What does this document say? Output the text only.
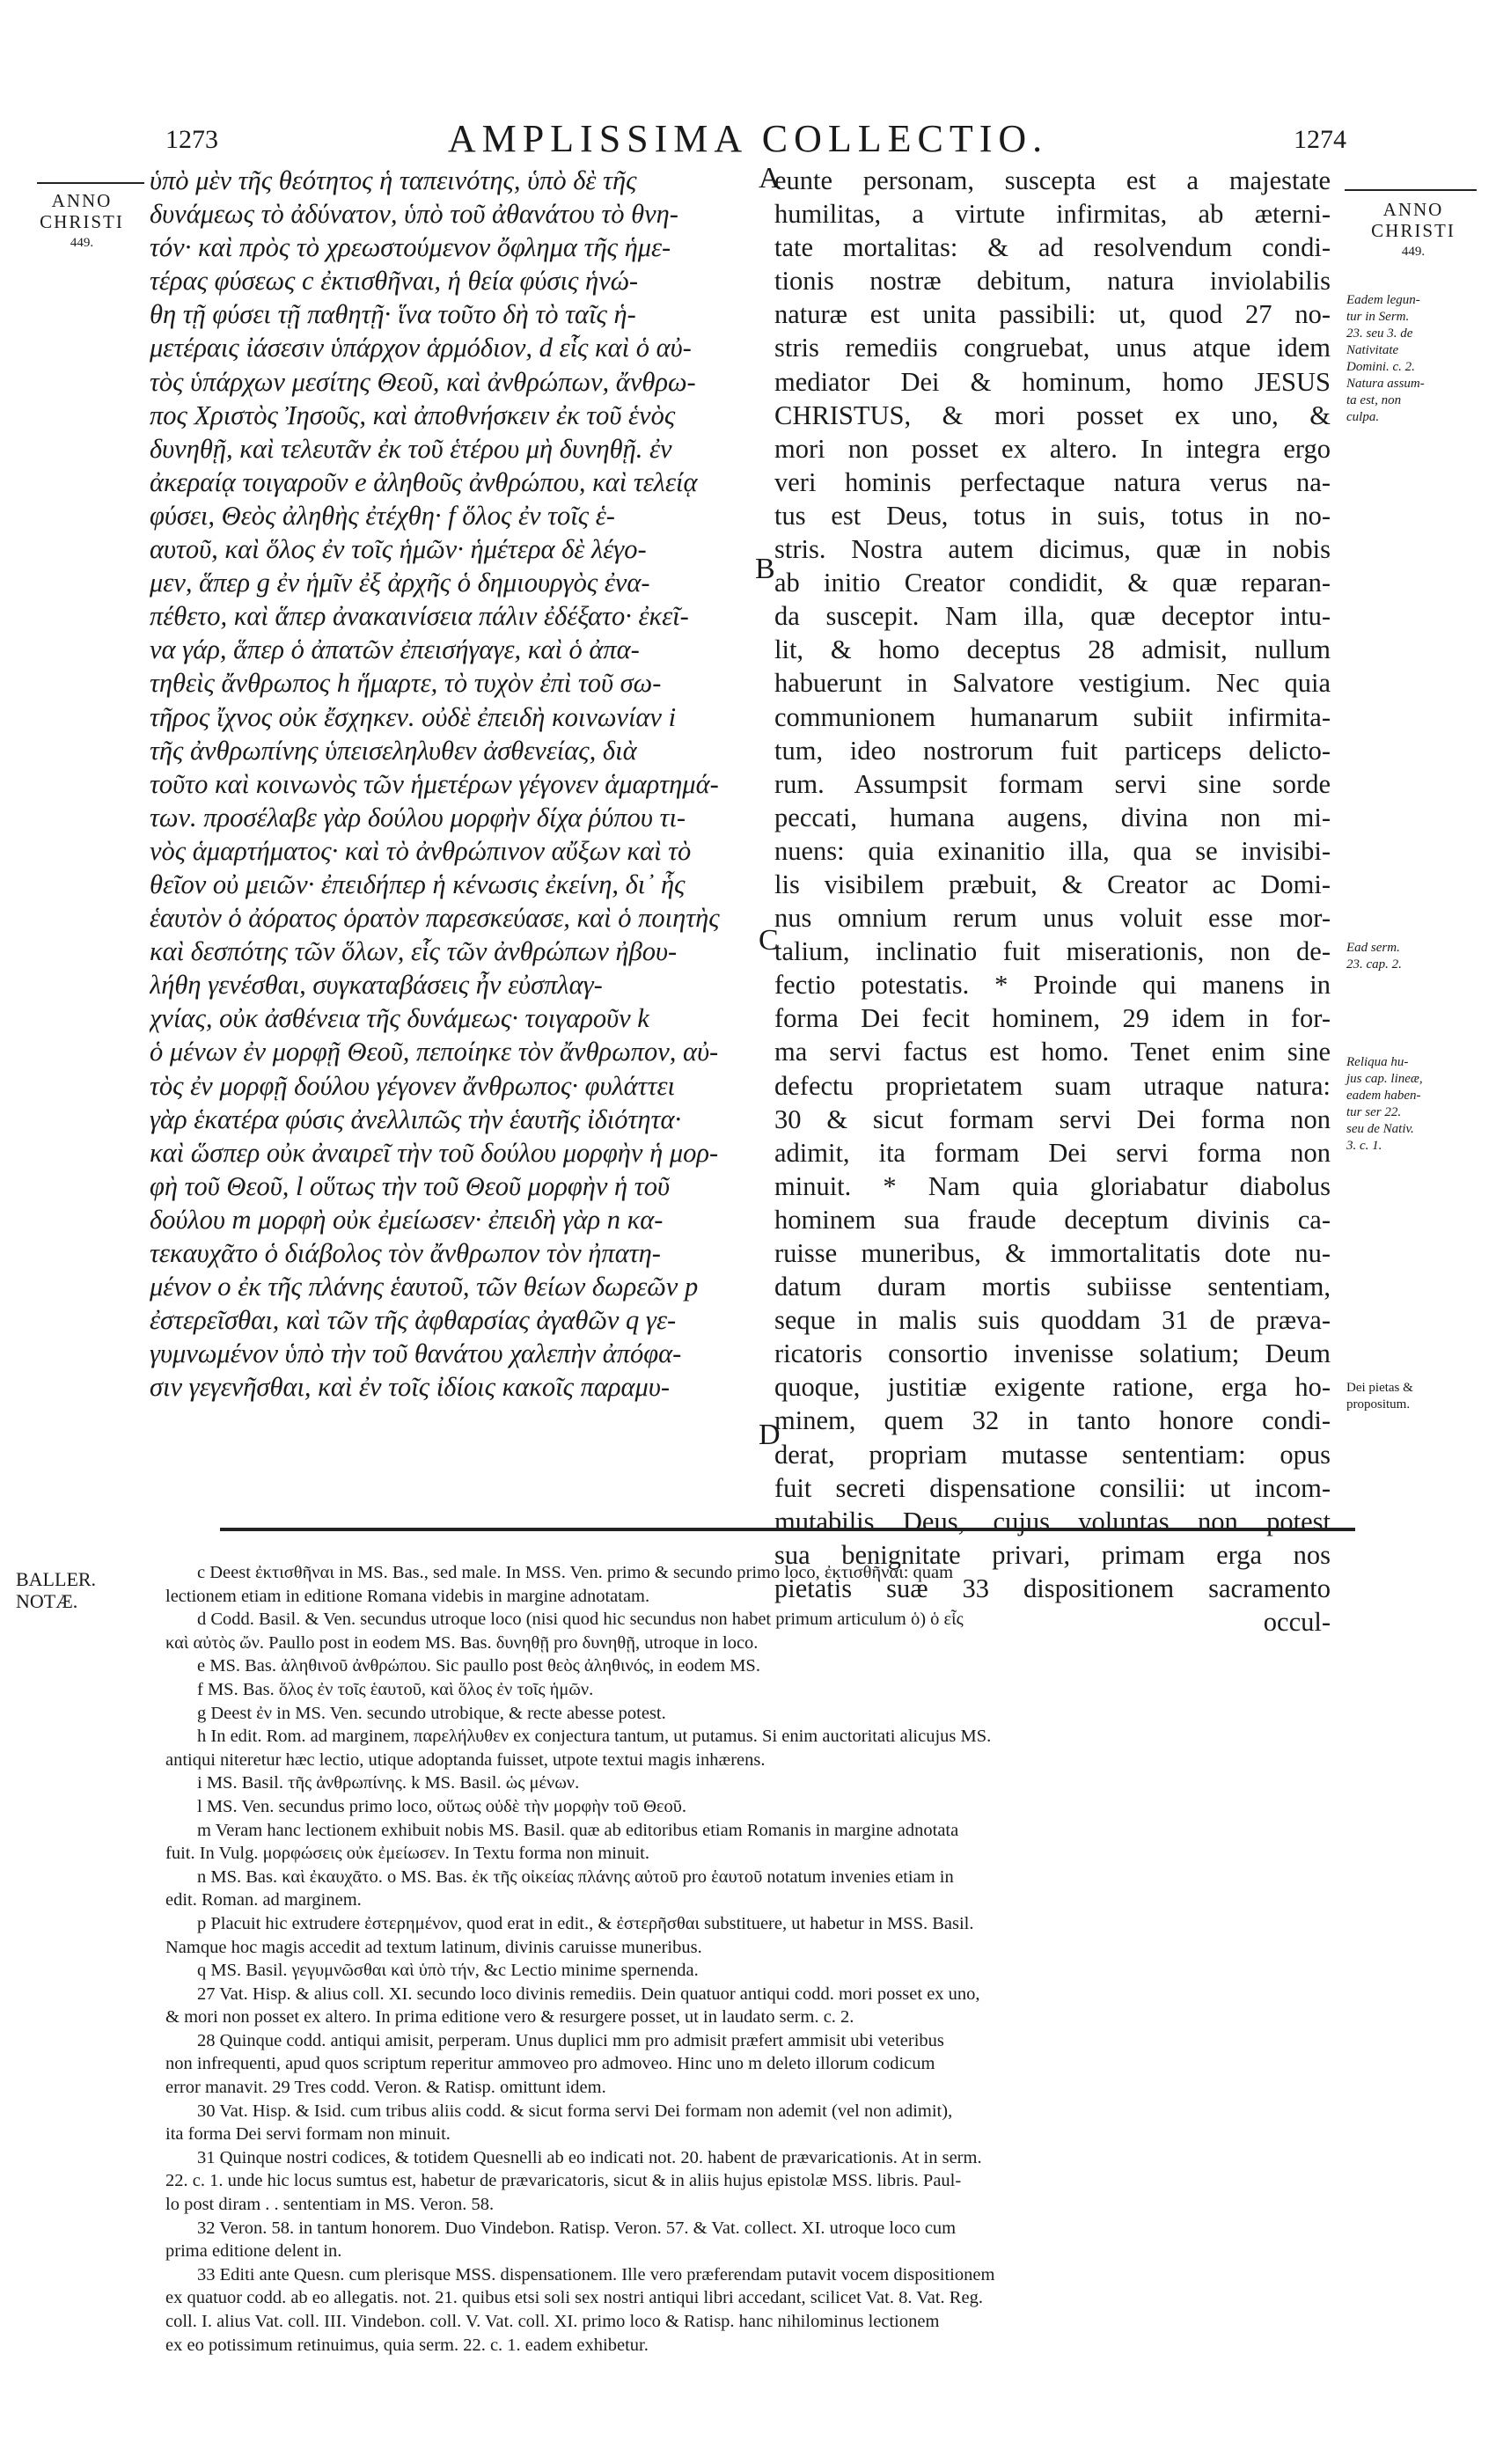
1273	AMPLISSIMA COLLECTIO.	1274
ANNO
CHRISTI
449.
ANNO
CHRISTI
449.
Eadem legun-
tur in Serm.
23. seu 3. de
Nativitate
Domini. c. 2.
Natura assum-
ta est, non
culpa.
Ead serm.
23. cap. 2.
Reliqua hu-
jus cap. lineæ,
eadem haben-
tur ser 22.
seu de Nativ.
3. c. 1.
Dei pietas &
propositum.
A
B
C
D
ὑπὸ μὲν τῆς θεότητος ἡ ταπεινότης, ὑπὸ δὲ τῆς
δυνάμεως τὸ ἀδύνατον, ὑπὸ τοῦ ἀθανάτου τὸ θνη-
τόν· καὶ πρὸς τὸ χρεωστούμενον ὄφλημα τῆς ἡμε-
τέρας φύσεως c ἐκτισθῆναι, ἡ θεία φύσις ἡνώ-
θη τῇ φύσει τῇ παθητῇ· ἵνα τοῦτο δὴ τὸ ταῖς ἡ-
μετέραις ἰάσεσιν ὑπάρχον ἁρμόδιον, d εἷς καὶ ὁ αὐ-
τὸς ὑπάρχων μεσίτης Θεοῦ, καὶ ἀνθρώπων, ἄνθρω-
πος Χριστὸς Ἰησοῦς, καὶ ἀποθνήσκειν ἐκ τοῦ ἑνὸς
δυνηθῇ, καὶ τελευτᾶν ἐκ τοῦ ἑτέρου μὴ δυνηθῇ. ἐν
ἀκεραίᾳ τοιγαροῦν e ἀληθοῦς ἀνθρώπου, καὶ τελείᾳ
φύσει, Θεὸς ἀληθὴς ἐτέχθη· f ὅλος ἐν τοῖς ἑ-
αυτοῦ, καὶ ὅλος ἐν τοῖς ἡμῶν· ἡμέτερα δὲ λέγο-
μεν, ἅπερ g ἐν ἡμῖν ἐξ ἀρχῆς ὁ δημιουργὸς ἐνα-
πέθετο, καὶ ἅπερ ἀνακαινίσεια πάλιν ἐδέξατο· ἐκεῖ-
να γάρ, ἅπερ ὁ ἀπατῶν ἐπεισήγαγε, καὶ ὁ ἀπα-
τηθεὶς ἄνθρωπος h ἥμαρτε, τὸ τυχὸν ἐπὶ τοῦ σω-
τῆρος ἴχνος οὐκ ἔσχηκεν. οὐδὲ ἐπειδὴ κοινωνίαν i
τῆς ἀνθρωπίνης ὑπεισεληλυθεν ἀσθενείας, διὰ
τοῦτο καὶ κοινωνὸς τῶν ἡμετέρων γέγονεν ἁμαρτημά-
των. προσέλαβε γὰρ δούλου μορφὴν δίχα ῥύπου τι-
νὸς ἁμαρτήματος· καὶ τὸ ἀνθρώπινον αὔξων καὶ τὸ
θεῖον οὐ μειῶν· ἐπειδήπερ ἡ κένωσις ἐκείνη, δι᾽ ἧς
ἑαυτὸν ὁ ἀόρατος ὁρατὸν παρεσκεύασε, καὶ ὁ ποιητὴς
καὶ δεσπότης τῶν ὅλων, εἷς τῶν ἀνθρώπων ἠβου-
λήθη γενέσθαι, συγκαταβάσεις ἦν εὐσπλαγ-
χνίας, οὐκ ἀσθένεια τῆς δυνάμεως· τοιγαροῦν k
ὁ μένων ἐν μορφῇ Θεοῦ, πεποίηκε τὸν ἄνθρωπον, αὐ-
τὸς ἐν μορφῇ δούλου γέγονεν ἄνθρωπος· φυλάττει
γὰρ ἑκατέρα φύσις ἀνελλιπῶς τὴν ἑαυτῆς ἰδιότητα·
καὶ ὥσπερ οὐκ ἀναιρεῖ τὴν τοῦ δούλου μορφὴν ἡ μορ-
φὴ τοῦ Θεοῦ, l οὕτως τὴν τοῦ Θεοῦ μορφὴν ἡ τοῦ
δούλου m μορφὴ οὐκ ἐμείωσεν· ἐπειδὴ γὰρ n κα-
τεκαυχᾶτο ὁ διάβολος τὸν ἄνθρωπον τὸν ἠπατη-
μένον o ἐκ τῆς πλάνης ἑαυτοῦ, τῶν θείων δωρεῶν p
ἐστερεῖσθαι, καὶ τῶν τῆς ἀφθαρσίας ἀγαθῶν q γε-
γυμνωμένον ὑπὸ τὴν τοῦ θανάτου χαλεπὴν ἀπόφα-
σιν γεγενῆσθαι, καὶ ἐν τοῖς ἰδίοις κακοῖς παραμυ-
eunte personam, suscepta est a majestate
humilitas, a virtute infirmitas, ab æterni-
tate mortalitas: & ad resolvendum condi-
tionis nostræ debitum, natura inviolabilis
naturæ est unita passibili: ut, quod 27 no-
stris remediis congruebat, unus atque idem
mediator Dei & hominum, homo JESUS
CHRISTUS, & mori posset ex uno, &
mori non posset ex altero. In integra ergo
veri hominis perfectaque natura verus na-
tus est Deus, totus in suis, totus in no-
stris. Nostra autem dicimus, quæ in nobis
ab initio Creator condidit, & quæ reparan-
da suscepit. Nam illa, quæ deceptor intu-
lit, & homo deceptus 28 admisit, nullum
habuerunt in Salvatore vestigium. Nec quia
communionem humanarum subiit infirmita-
tum, ideo nostrorum fuit particeps delicto-
rum. Assumpsit formam servi sine sorde
peccati, humana augens, divina non mi-
nuens: quia exinanitio illa, qua se invisibi-
lis visibilem præbuit, & Creator ac Domi-
nus omnium rerum unus voluit esse mor-
talium, inclinatio fuit miserationis, non de-
fectio potestatis. * Proinde qui manens in
forma Dei fecit hominem, 29 idem in for-
ma servi factus est homo. Tenet enim sine
defectu proprietatem suam utraque natura:
30 & sicut formam servi Dei forma non
adimit, ita formam Dei servi forma non
minuit. * Nam quia gloriabatur diabolus
hominem sua fraude deceptum divinis ca-
ruisse muneribus, & immortalitatis dote nu-
datum duram mortis subiisse sententiam,
seque in malis suis quoddam 31 de præva-
ricatoris consortio invenisse solatium; Deum
quoque, justitiæ exigente ratione, erga ho-
minem, quem 32 in tanto honore condi-
derat, propriam mutasse sententiam: opus
fuit secreti dispensatione consilii: ut incom-
mutabilis Deus, cujus voluntas non potest
sua benignitate privari, primam erga nos
pietatis suæ 33 dispositionem sacramento
occul-
BALLER.
NOTÆ.
c Deest ἐκτισθῆναι in MS. Bas., sed male. In MSS. Ven. primo & secundo primo loco, ἐκτισθῆναι: quam
lectionem etiam in editione Romana videbis in margine adnotatam.
d Codd. Basil. & Ven. secundus utroque loco (nisi quod hic secundus non habet primum articulum ὁ) ὁ εἷς
καὶ αὐτὸς ὤν. Paullo post in eodem MS. Bas. δυνηθῇ pro δυνηθῇ, utroque in loco.
e MS. Bas. ἀληθινοῦ ἀνθρώπου. Sic paullo post θεὸς ἀληθινός, in eodem MS.
f MS. Bas. ὅλος ἐν τοῖς ἑαυτοῦ, καὶ ὅλος ἐν τοῖς ἡμῶν.
g Deest ἐν in MS. Ven. secundo utrobique, & recte abesse potest.
h In edit. Rom. ad marginem, παρελήλυθεν ex conjectura tantum, ut putamus. Si enim auctoritati alicujus MS.
antiqui niteretur hæc lectio, utique adoptanda fuisset, utpote textui magis inhærens.
i MS. Basil. τῆς ἀνθρωπίνης. k MS. Basil. ὡς μένων.
l MS. Ven. secundus primo loco, οὕτως οὐδὲ τὴν μορφὴν τοῦ Θεοῦ.
m Veram hanc lectionem exhibuit nobis MS. Basil. quæ ab editoribus etiam Romanis in margine adnotata
fuit. In Vulg. μορφώσεις οὐκ ἐμείωσεν. In Textu forma non minuit.
n MS. Bas. καὶ ἐκαυχᾶτο. o MS. Bas. ἐκ τῆς οἰκείας πλάνης αὐτοῦ pro ἑαυτοῦ notatum invenies etiam in
edit. Roman. ad marginem.
p Placuit hic extrudere ἐστερημένον, quod erat in edit., & ἐστερῆσθαι substituere, ut habetur in MSS. Basil.
Namque hoc magis accedit ad textum latinum, divinis caruisse muneribus.
q MS. Basil. γεγυμνῶσθαι καὶ ὑπὸ τήν, &c Lectio minime spernenda.
27 Vat. Hisp. & alius coll. XI. secundo loco divinis remediis. Dein quatuor antiqui codd. mori posset ex uno,
& mori non posset ex altero. In prima editione vero & resurgere posset, ut in laudato serm. c. 2.
28 Quinque codd. antiqui amisit, perperam. Unus duplici mm pro admisit præfert ammisit ubi veteribus
non infrequenti, apud quos scriptum reperitur ammoveo pro admoveo. Hinc uno m deleto illorum codicum
error manavit. 29 Tres codd. Veron. & Ratisp. omittunt idem.
30 Vat. Hisp. & Isid. cum tribus aliis codd. & sicut forma servi Dei formam non ademit (vel non adimit),
ita forma Dei servi formam non minuit.
31 Quinque nostri codices, & totidem Quesnelli ab eo indicati not. 20. habent de prævaricationis. At in serm.
22. c. 1. unde hic locus sumtus est, habetur de prævaricatoris, sicut & in aliis hujus epistolæ MSS. libris. Paul-
lo post diram . . sententiam in MS. Veron. 58.
32 Veron. 58. in tantum honorem. Duo Vindebon. Ratisp. Veron. 57. & Vat. collect. XI. utroque loco cum
prima editione delent in.
33 Editi ante Quesn. cum plerisque MSS. dispensationem. Ille vero præferendam putavit vocem dispositionem
ex quatuor codd. ab eo allegatis. not. 21. quibus etsi soli sex nostri antiqui libri accedant, scilicet Vat. 8. Vat. Reg.
coll. I. alius Vat. coll. III. Vindebon. coll. V. Vat. coll. XI. primo loco & Ratisp. hanc nihilominus lectionem
ex eo potissimum retinuimus, quia serm. 22. c. 1. eadem exhibetur.
